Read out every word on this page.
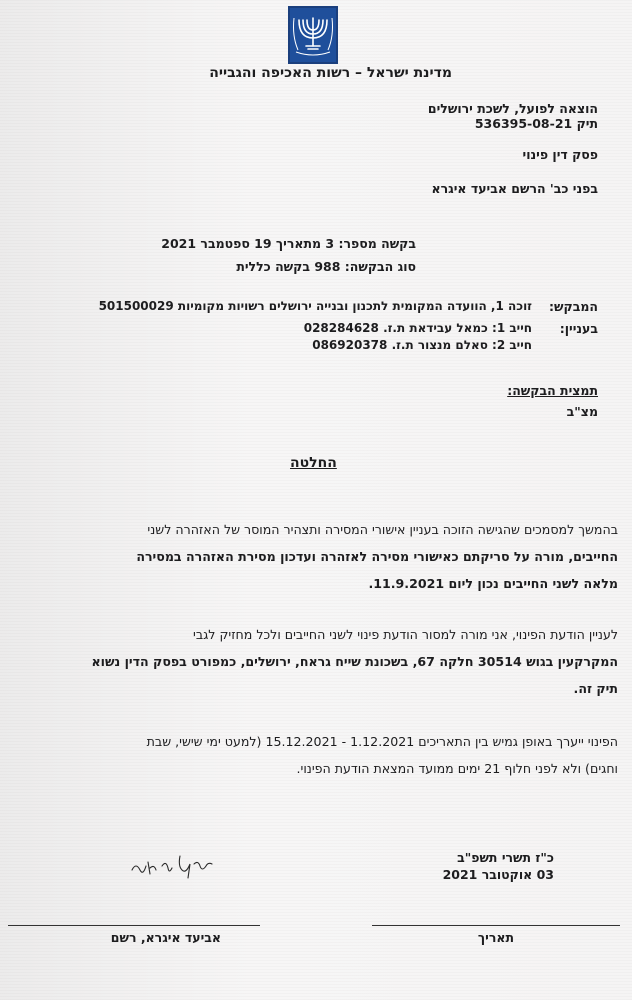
מדינת ישראל – רשות האכיפה והגבייה
הוצאה לפועל, לשכת ירושלים
תיק 536395-08-21
פסק דין פינוי
בפני כב' הרשם אביעד איגרא
בקשה מספר: 3 מתאריך 19 ספטמבר 2021
סוג הבקשה: 988 בקשה כללית
המבקש:
זוכה 1, הוועדה המקומית לתכנון ובנייה ירושלים רשויות מקומיות 501500029
בעניין:
חייב 1: כמאל עבידאת ת.ז. 028284628
חייב 2: סאלם מנצור ת.ז. 086920378
תמצית הבקשה:
מצ"ב
החלטה
בהמשך למסמכים שהגישה הזוכה בעניין אישורי המסירה ותצהיר המוסר של האזהרה לשני
החייבים, מורה על סריקתם כאישורי מסירה לאזהרה ועדכון מסירת האזהרה במסירה
מלאה לשני החייבים נכון ליום 11.9.2021.
לעניין הודעת הפינוי, אני מורה למסור הודעת פינוי לשני החייבים ולכל מחזיק לגבי
המקרקעין בגוש 30514 חלקה 67, בשכונת שייח גראח, ירושלים, כמפורט בפסק הדין נשוא
תיק זה.
הפינוי ייערך באופן גמיש בין התאריכים 1.12.2021 - 15.12.2021 (למעט ימי שישי, שבת
וחגים) ולא לפני חלוף 21 ימים ממועד המצאת הודעת הפינוי.
כ"ז תשרי תשפ"ב
03 אוקטובר 2021
אביעד איגרא, רשם	תאריך
